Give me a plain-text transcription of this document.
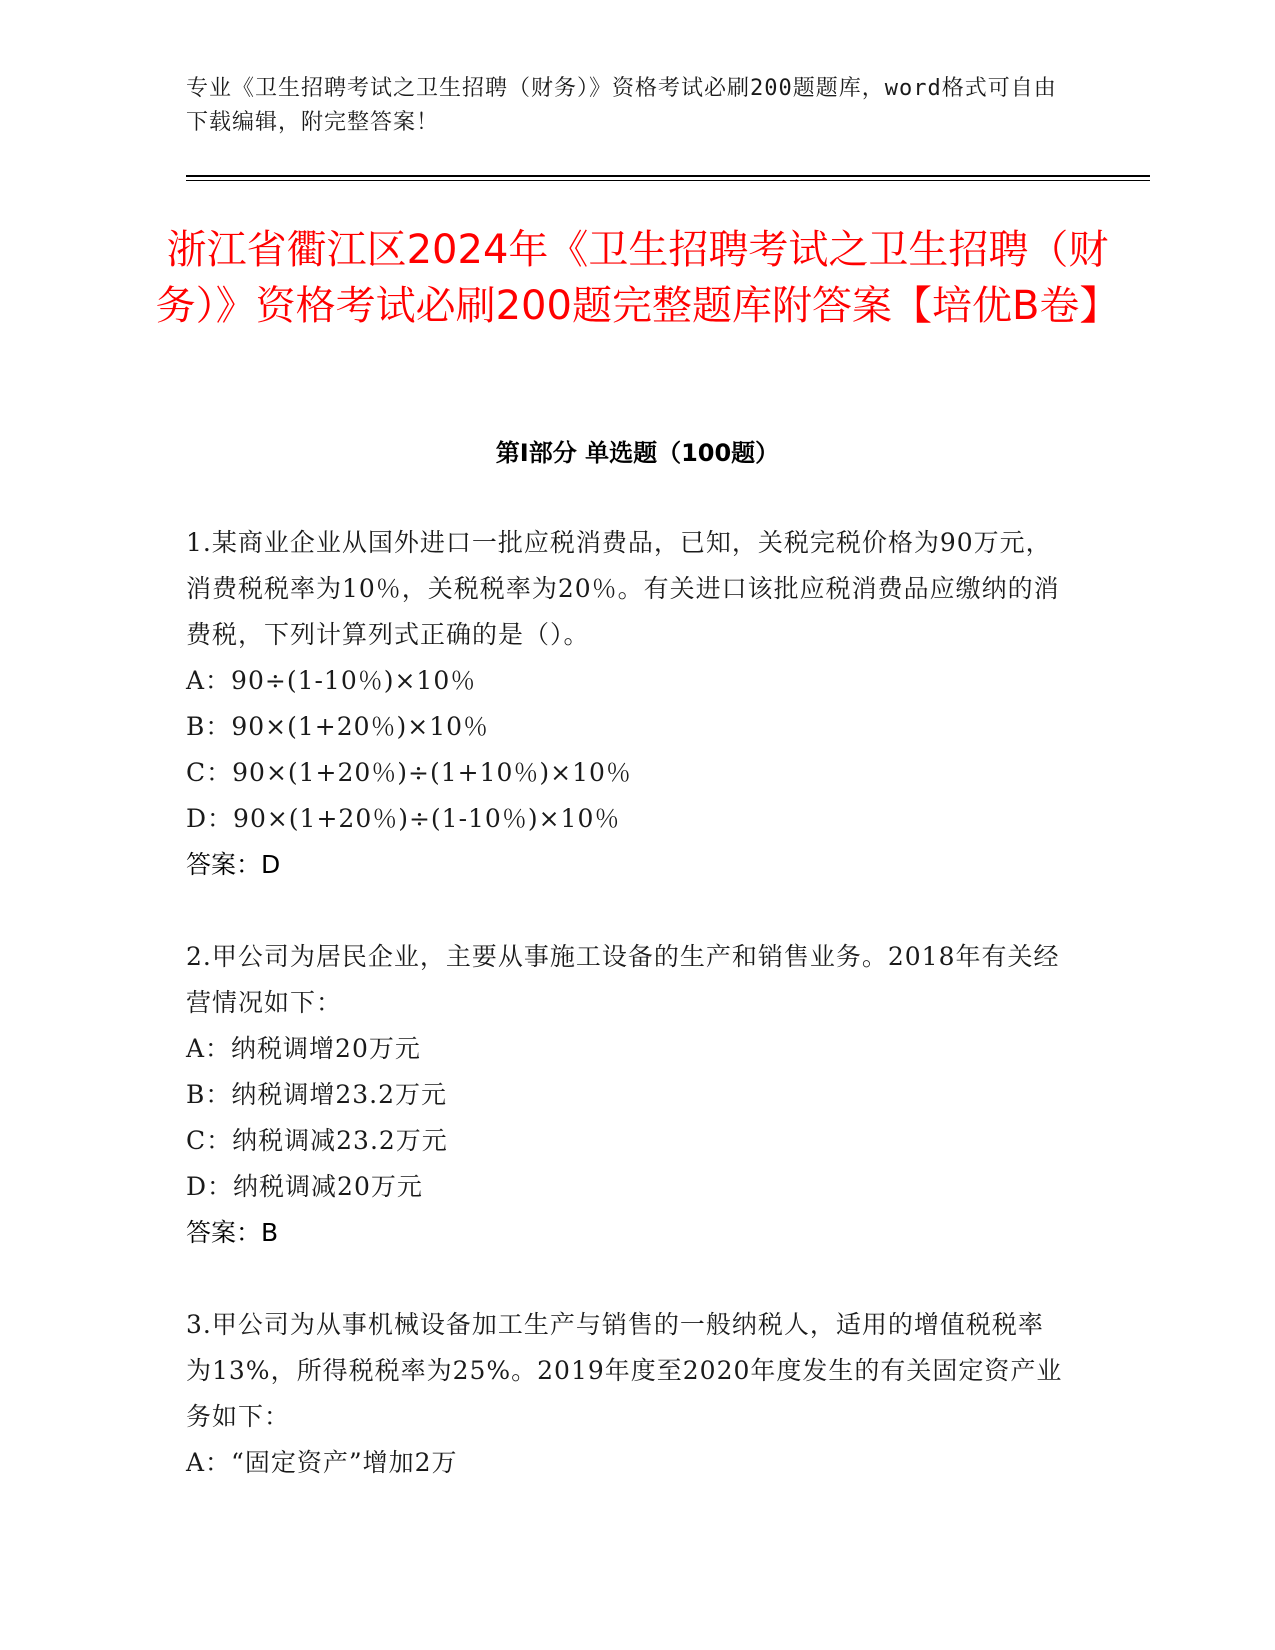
专业《卫生招聘考试之卫生招聘（财务）》资格考试必刷200题题库，word格式可自由下载编辑，附完整答案！
浙江省衢江区2024年《卫生招聘考试之卫生招聘（财务）》资格考试必刷200题完整题库附答案【培优B卷】
第Ⅰ部分 单选题（100题）

1.某商业企业从国外进口一批应税消费品，已知，关税完税价格为90万元，消费税税率为10％，关税税率为20％。有关进口该批应税消费品应缴纳的消费税，下列计算列式正确的是（）。

A：90÷(1-10％)×10％

B：90×(1+20％)×10％

C：90×(1+20％)÷(1+10％)×10％

D：90×(1+20％)÷(1-10％)×10％

答案：D

2.甲公司为居民企业，主要从事施工设备的生产和销售业务。2018年有关经营情况如下：

A：纳税调增20万元

B：纳税调增23.2万元

C：纳税调减23.2万元

D：纳税调减20万元

答案：B

3.甲公司为从事机械设备加工生产与销售的一般纳税人，适用的增值税税率为13%，所得税税率为25%。2019年度至2020年度发生的有关固定资产业务如下：

A：“固定资产”增加2万
